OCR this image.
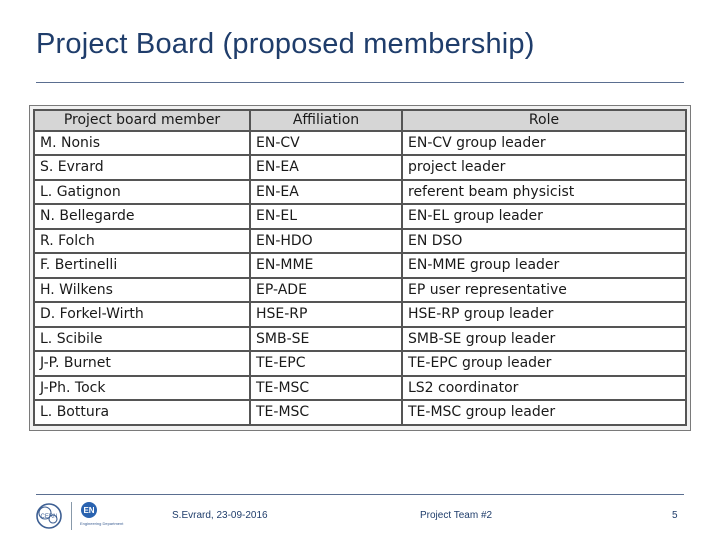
Project Board (proposed membership)
Project board member	Affiliation	Role
M. Nonis	EN-CV	EN-CV group leader
S. Evrard	EN-EA	project leader
L. Gatignon	EN-EA	referent beam physicist
N. Bellegarde	EN-EL	EN-EL group leader
R. Folch	EN-HDO	EN DSO
F. Bertinelli	EN-MME	EN-MME group leader
H. Wilkens	EP-ADE	EP user representative
D. Forkel-Wirth	HSE-RP	HSE-RP group leader
L. Scibile	SMB-SE	SMB-SE group leader
J-P. Burnet	TE-EPC	TE-EPC group leader
J-Ph. Tock	TE-MSC	LS2 coordinator
L. Bottura	TE-MSC	TE-MSC group leader
CERN
EN
Engineering Department
S.Evrard, 23-09-2016	Project Team #2	5
